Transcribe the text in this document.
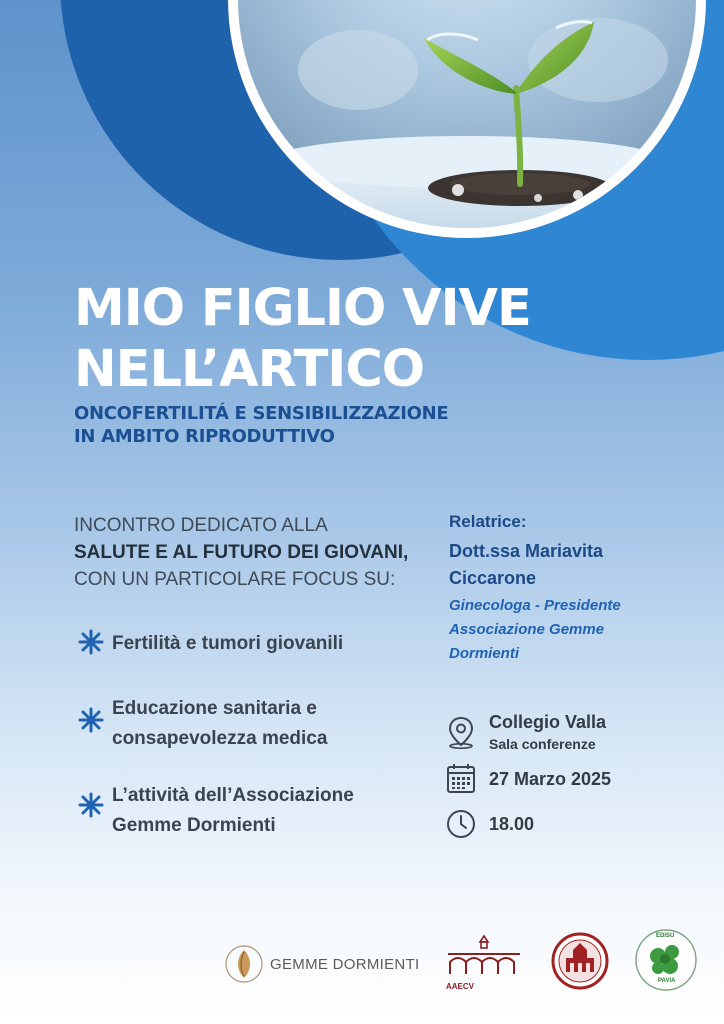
MIO FIGLIO VIVE
NELL’ARTICO
ONCOFERTILITÁ E SENSIBILIZZAZIONE
IN AMBITO RIPRODUTTIVO
INCONTRO DEDICATO ALLA
SALUTE E AL FUTURO DEI GIOVANI,
CON UN PARTICOLARE FOCUS SU:
Fertilità e tumori giovanili
Educazione sanitaria e
consapevolezza medica
L’attività dell’Associazione
Gemme Dormienti
Relatrice:
Dott.ssa Mariavita
Ciccarone
Ginecologa - Presidente
Associazione Gemme
Dormienti
Collegio Valla
Sala conferenze
27 Marzo 2025
18.00
GEMME DORMIENTI
AAECV
EDISU
PAVIA
